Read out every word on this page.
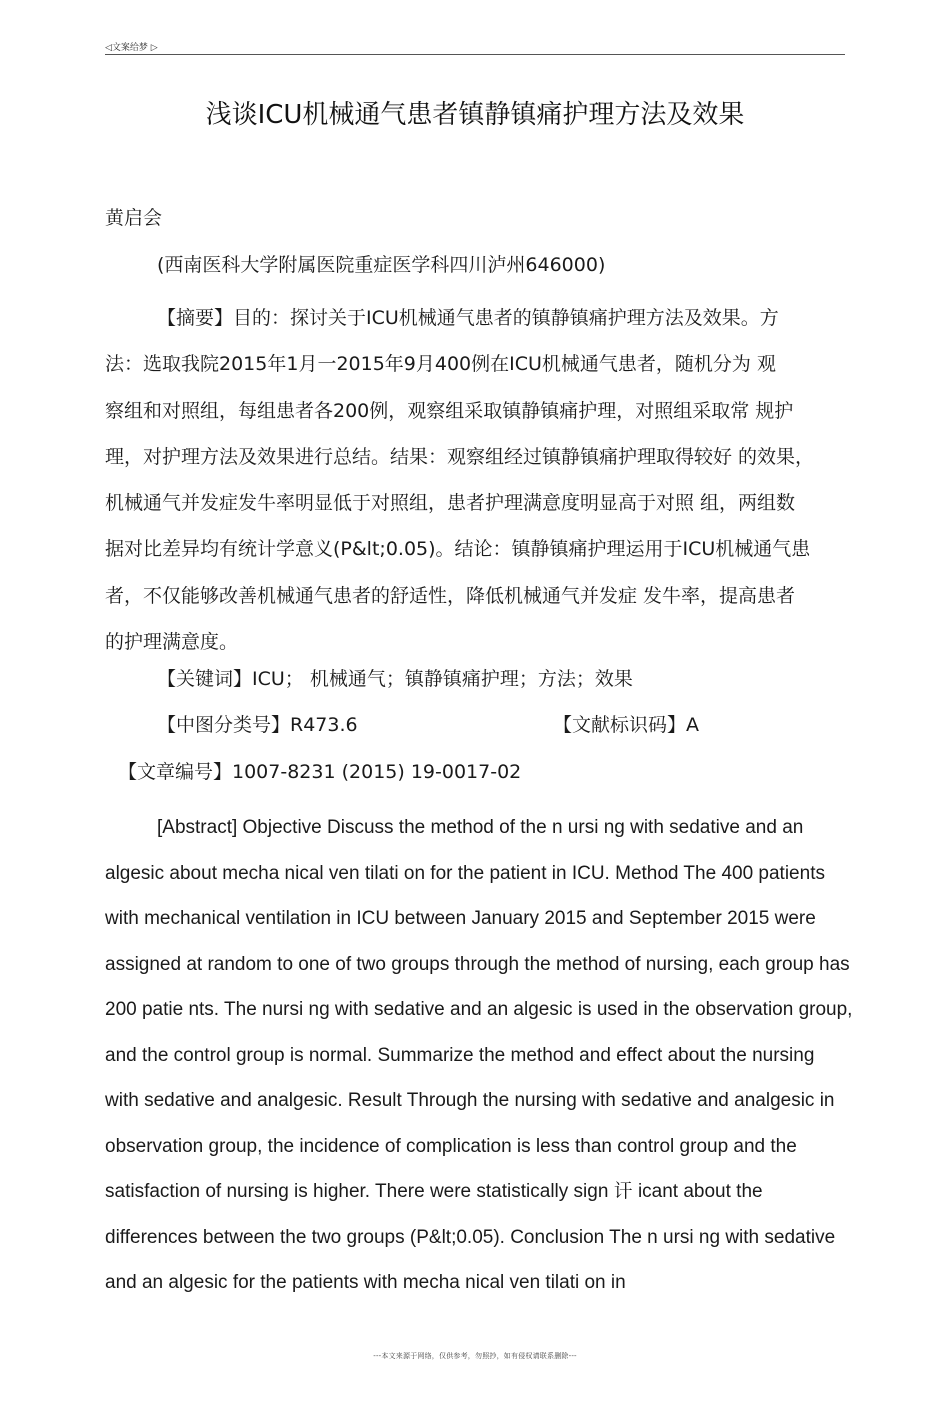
◁文案给梦 ▷
浅谈ICU机械通气患者镇静镇痛护理方法及效果
黄启会
(西南医科大学附属医院重症医学科四川泸州646000)
【摘要】目的：探讨关于ICU机械通气患者的镇静镇痛护理方法及效果。方
法：选取我院2015年1月一2015年9月400例在ICU机械通气患者，随机分为 观
察组和对照组，每组患者各200例，观察组采取镇静镇痛护理，对照组采取常 规护
理，对护理方法及效果进行总结。结果：观察组经过镇静镇痛护理取得较好 的效果，
机械通气并发症发牛率明显低于对照组，患者护理满意度明显高于对照 组，两组数
据对比差异均有统计学意义(P&lt;0.05)。结论：镇静镇痛护理运用于ICU机械通气患
者，不仅能够改善机械通气患者的舒适性，降低机械通气并发症 发牛率，提高患者
的护理满意度。
【关键词】ICU； 机械通气；镇静镇痛护理；方法；效果
【中图分类号】R473.6	【文献标识码】A
【文章编号】1007-8231 (2015) 19-0017-02
[Abstract] Objective Discuss the method of the n ursi ng with sedative and an
algesic about mecha nical ven tilati on for the patient in ICU. Method The 400 patients
with mechanical ventilation in ICU between January 2015 and September 2015 were
assigned at random to one of two groups through the method of nursing, each group has
200 patie nts. The nursi ng with sedative and an algesic is used in the observation group,
and the control group is normal. Summarize the method and effect about the nursing
with sedative and analgesic. Result Through the nursing with sedative and analgesic in
observation group, the incidence of complication is less than control group and the
satisfaction of nursing is higher. There were statistically sign 讦 icant about the
differences between the two groups (P&lt;0.05). Conclusion The n ursi ng with sedative
and an algesic for the patients with mecha nical ven tilati on in
---本文来源于网络，仅供参考，勿照抄，如有侵权请联系删除---
